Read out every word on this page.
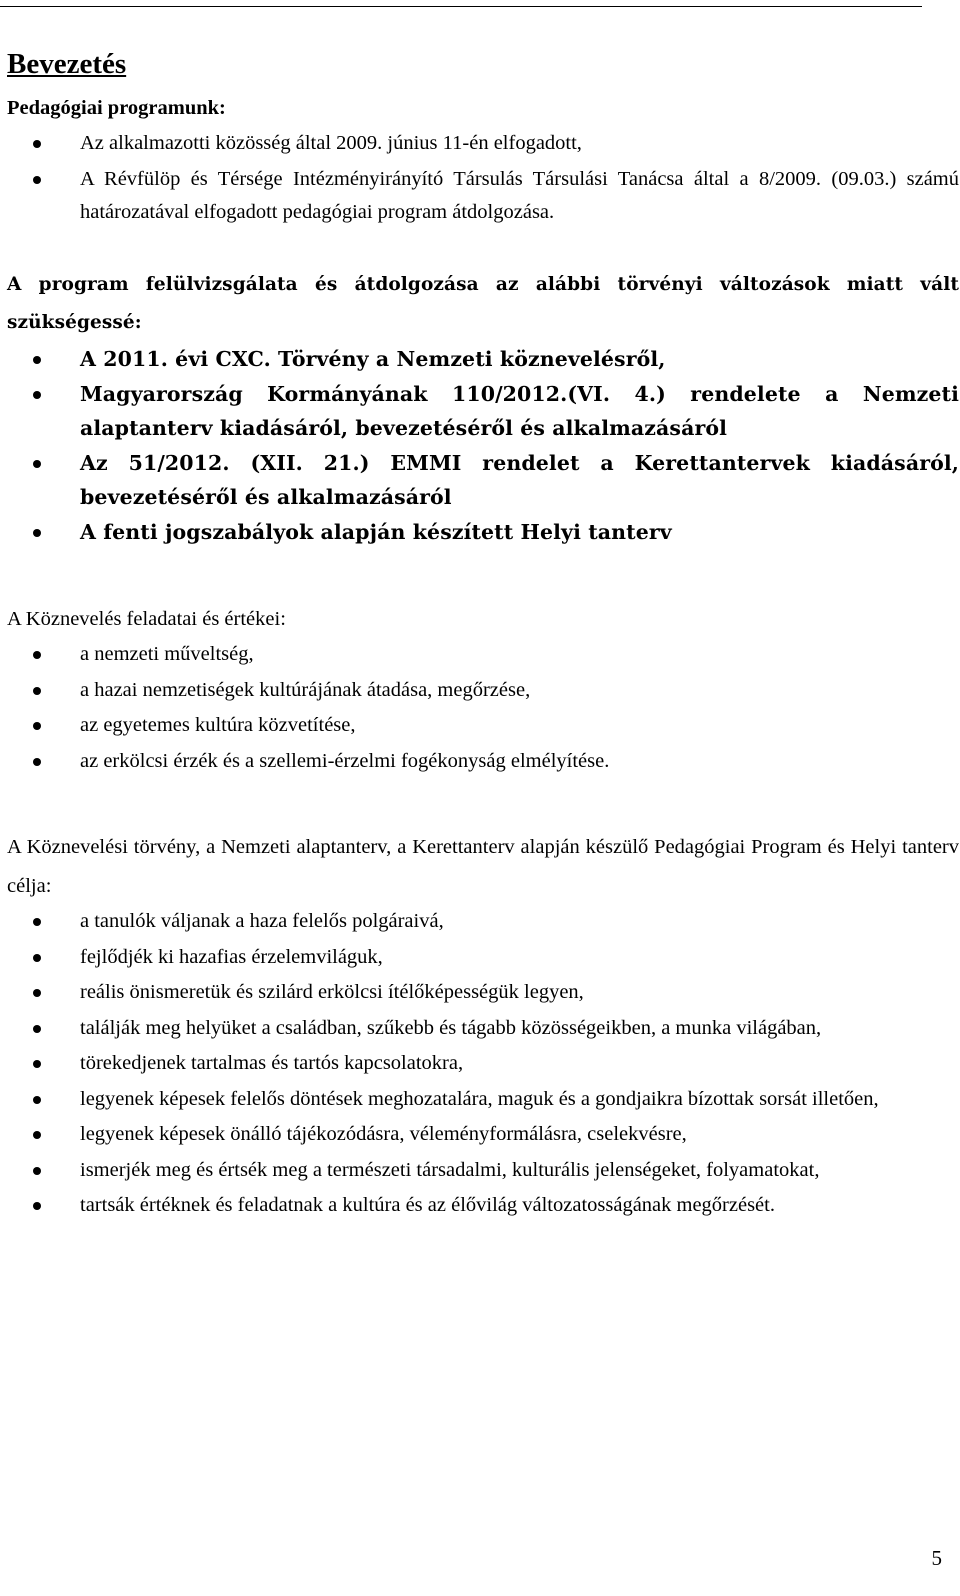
Bevezetés
Pedagógiai programunk:
Az alkalmazotti közösség által 2009. június 11-én elfogadott,
A Révfülöp és Térsége Intézményirányító Társulás Társulási Tanácsa által a 8/2009. (09.03.) számú határozatával elfogadott pedagógiai program átdolgozása.
A program felülvizsgálata és átdolgozása az alábbi törvényi változások miatt vált szükségessé:
A 2011. évi CXC. Törvény a Nemzeti köznevelésről,
Magyarország Kormányának 110/2012.(VI. 4.) rendelete a Nemzeti alaptanterv kiadásáról, bevezetéséről és alkalmazásáról
Az 51/2012. (XII. 21.) EMMI rendelet a Kerettantervek kiadásáról, bevezetéséről és alkalmazásáról
A fenti jogszabályok alapján készített Helyi tanterv
A Köznevelés feladatai és értékei:
a nemzeti műveltség,
a hazai nemzetiségek kultúrájának átadása, megőrzése,
az egyetemes kultúra közvetítése,
az erkölcsi érzék és a szellemi-érzelmi fogékonyság elmélyítése.
A Köznevelési törvény, a Nemzeti alaptanterv, a Kerettanterv alapján készülő Pedagógiai Program és Helyi tanterv célja:
a tanulók váljanak a haza felelős polgáraivá,
fejlődjék ki hazafias érzelemviláguk,
reális önismeretük és szilárd erkölcsi ítélőképességük legyen,
találják meg helyüket a családban, szűkebb és tágabb közösségeikben, a munka világában,
törekedjenek tartalmas és tartós kapcsolatokra,
legyenek képesek felelős döntések meghozatalára, maguk és a gondjaikra bízottak sorsát illetően,
legyenek képesek önálló tájékozódásra, véleményformálásra, cselekvésre,
ismerjék meg és értsék meg a természeti társadalmi, kulturális jelenségeket, folyamatokat,
tartsák értéknek és feladatnak a kultúra és az élővilág változatosságának megőrzését.
5
